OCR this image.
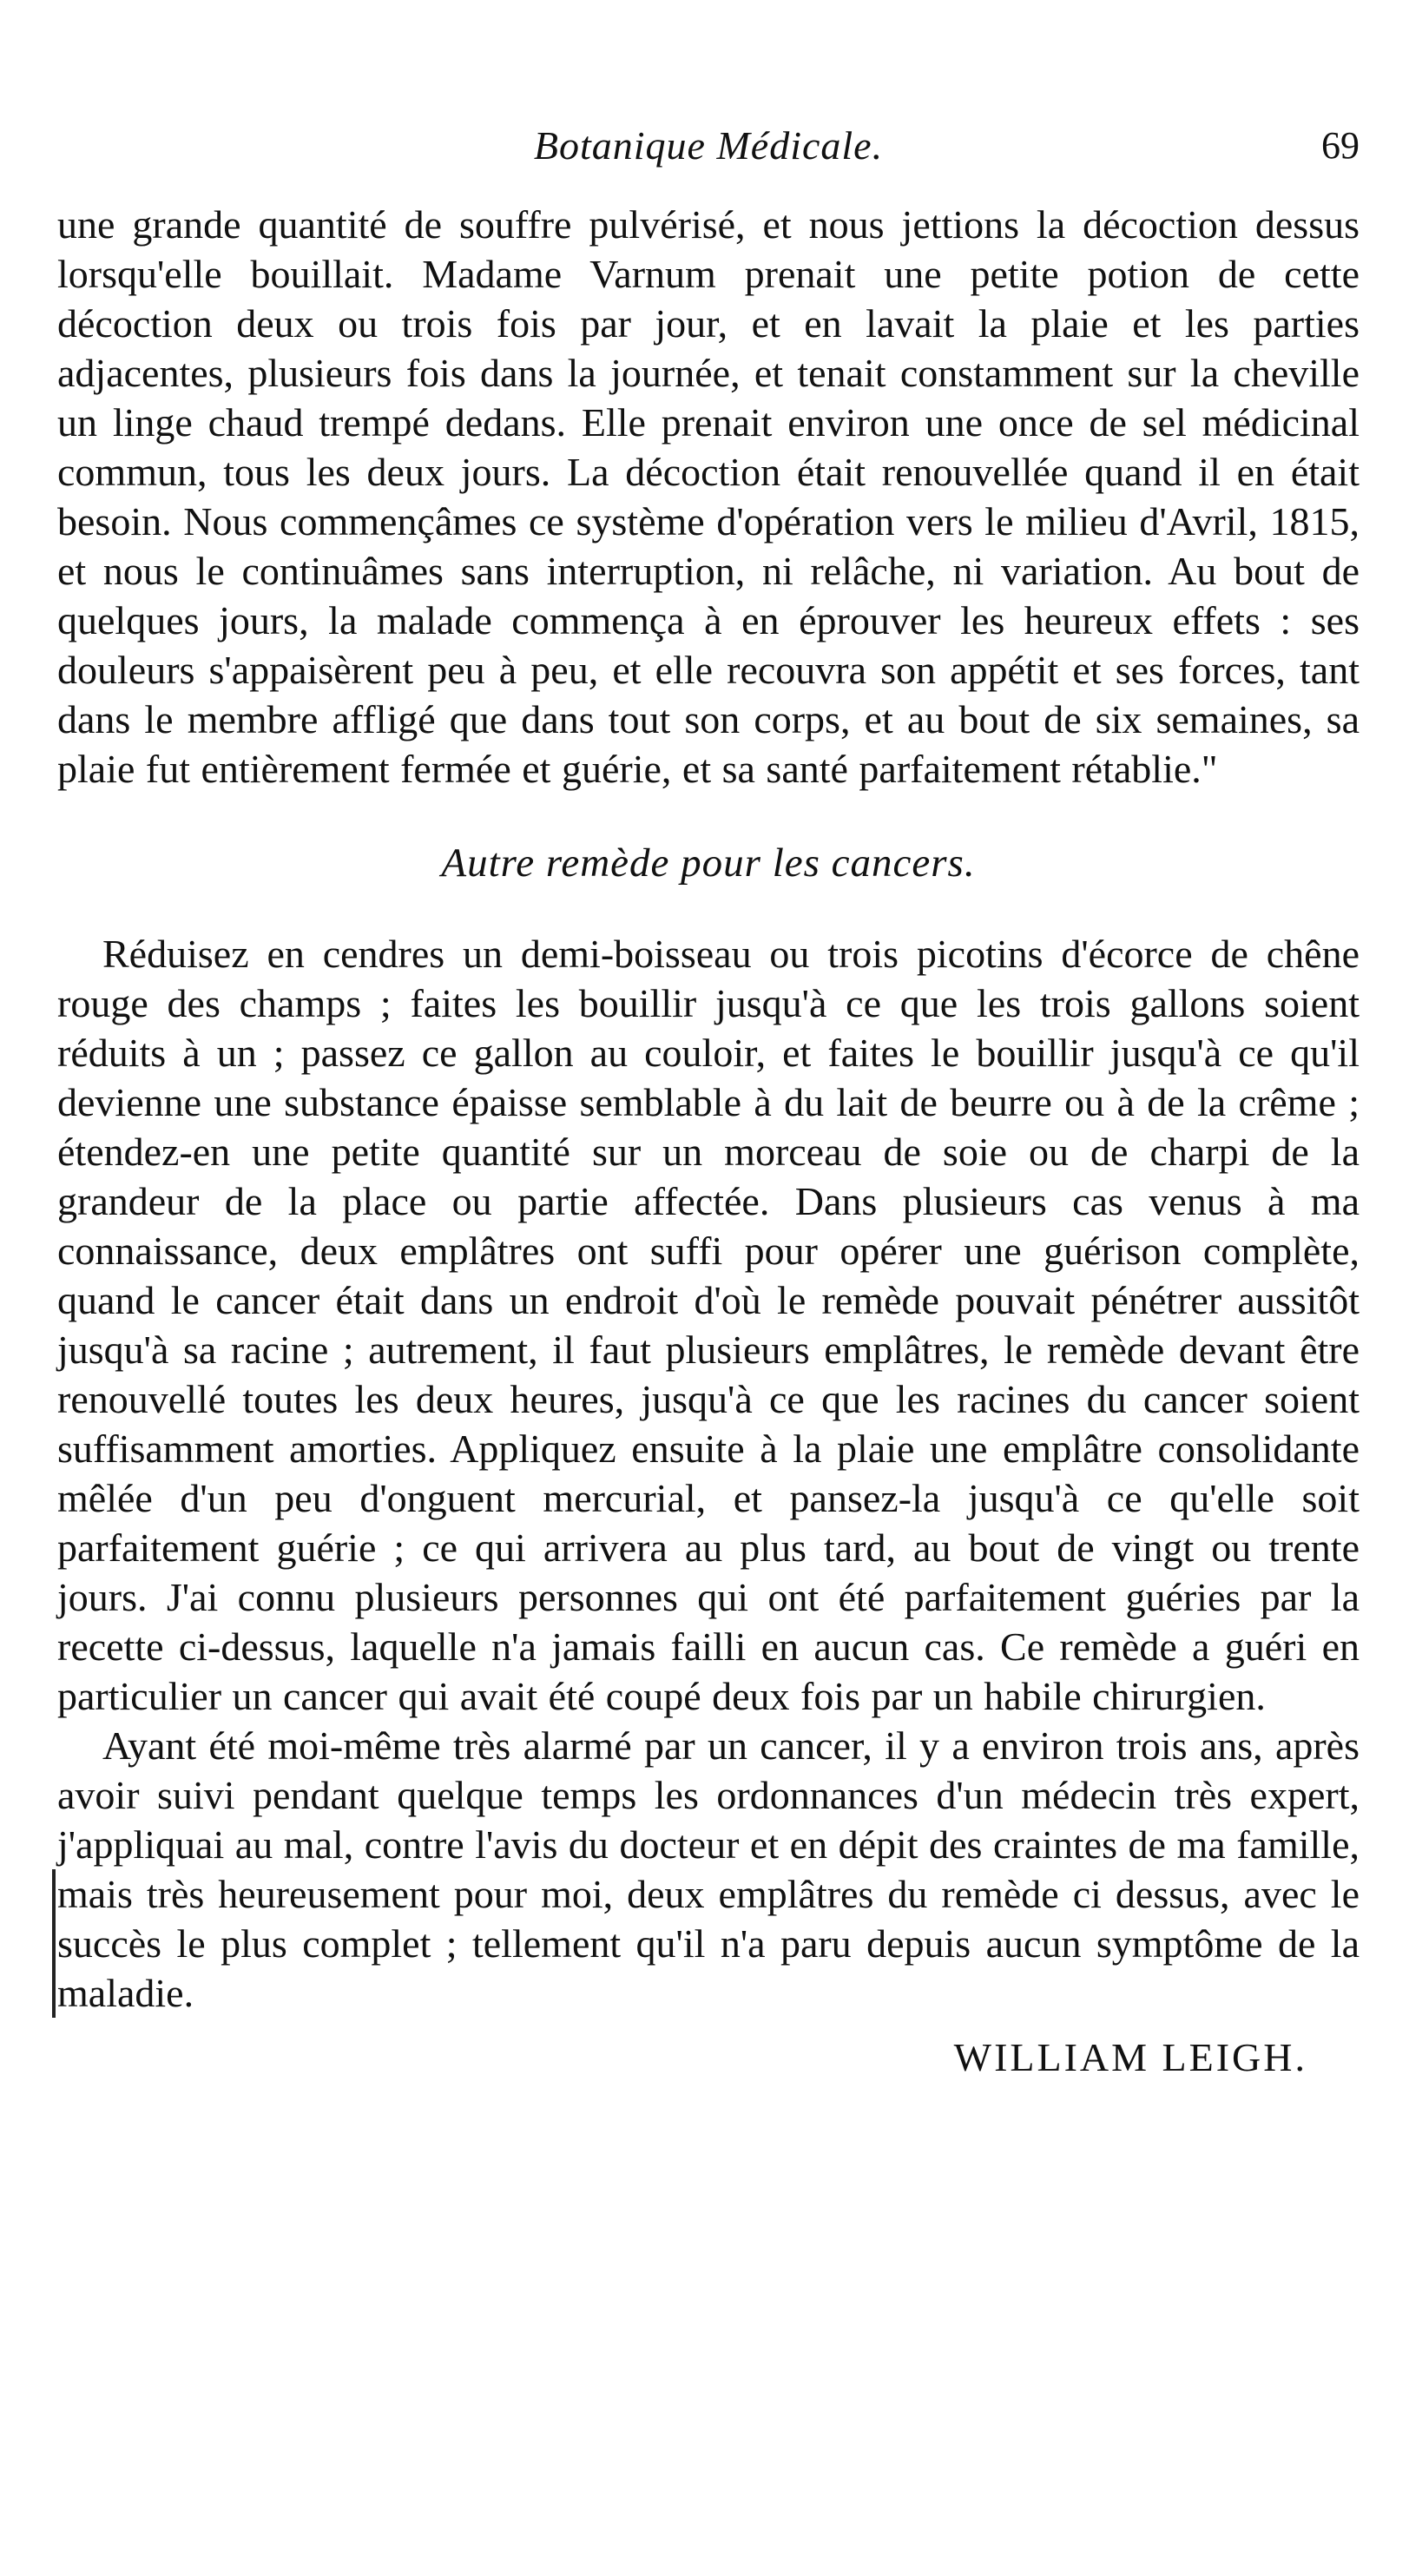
Botanique Médicale.	69

une grande quantité de souffre pulvérisé, et nous jettions la décoction dessus lorsqu'elle bouillait. Madame Varnum prenait une petite potion de cette décoction deux ou trois fois par jour, et en lavait la plaie et les parties adjacentes, plusieurs fois dans la journée, et tenait constamment sur la cheville un linge chaud trempé dedans. Elle prenait environ une once de sel médicinal commun, tous les deux jours. La décoction était renouvellée quand il en était besoin. Nous commençâmes ce système d'opération vers le milieu d'Avril, 1815, et nous le continuâmes sans interruption, ni relâche, ni variation. Au bout de quelques jours, la malade commença à en éprouver les heureux effets : ses douleurs s'appaisèrent peu à peu, et elle recouvra son appétit et ses forces, tant dans le membre affligé que dans tout son corps, et au bout de six semaines, sa plaie fut entièrement fermée et guérie, et sa santé parfaitement rétablie."

Autre remède pour les cancers.

Réduisez en cendres un demi-boisseau ou trois picotins d'écorce de chêne rouge des champs ; faites les bouillir jusqu'à ce que les trois gallons soient réduits à un ; passez ce gallon au couloir, et faites le bouillir jusqu'à ce qu'il devienne une substance épaisse semblable à du lait de beurre ou à de la crême ; étendez-en une petite quantité sur un morceau de soie ou de charpi de la grandeur de la place ou partie affectée. Dans plusieurs cas venus à ma connaissance, deux emplâtres ont suffi pour opérer une guérison complète, quand le cancer était dans un endroit d'où le remède pouvait pénétrer aussitôt jusqu'à sa racine ; autrement, il faut plusieurs emplâtres, le remède devant être renouvellé toutes les deux heures, jusqu'à ce que les racines du cancer soient suffisamment amorties. Appliquez ensuite à la plaie une emplâtre consolidante mêlée d'un peu d'onguent mercurial, et pansez-la jusqu'à ce qu'elle soit parfaitement guérie ; ce qui arrivera au plus tard, au bout de vingt ou trente jours. J'ai connu plusieurs personnes qui ont été parfaitement guéries par la recette ci-dessus, laquelle n'a jamais failli en aucun cas. Ce remède a guéri en particulier un cancer qui avait été coupé deux fois par un habile chirurgien.

Ayant été moi-même très alarmé par un cancer, il y a environ trois ans, après avoir suivi pendant quelque temps les ordonnances d'un médecin très expert, j'appliquai au mal, contre l'avis du docteur et en dépit des craintes de ma famille, mais très heureusement pour moi, deux emplâtres du remède ci dessus, avec le succès le plus complet ; tellement qu'il n'a paru depuis aucun symptôme de la maladie.

WILLIAM LEIGH.
